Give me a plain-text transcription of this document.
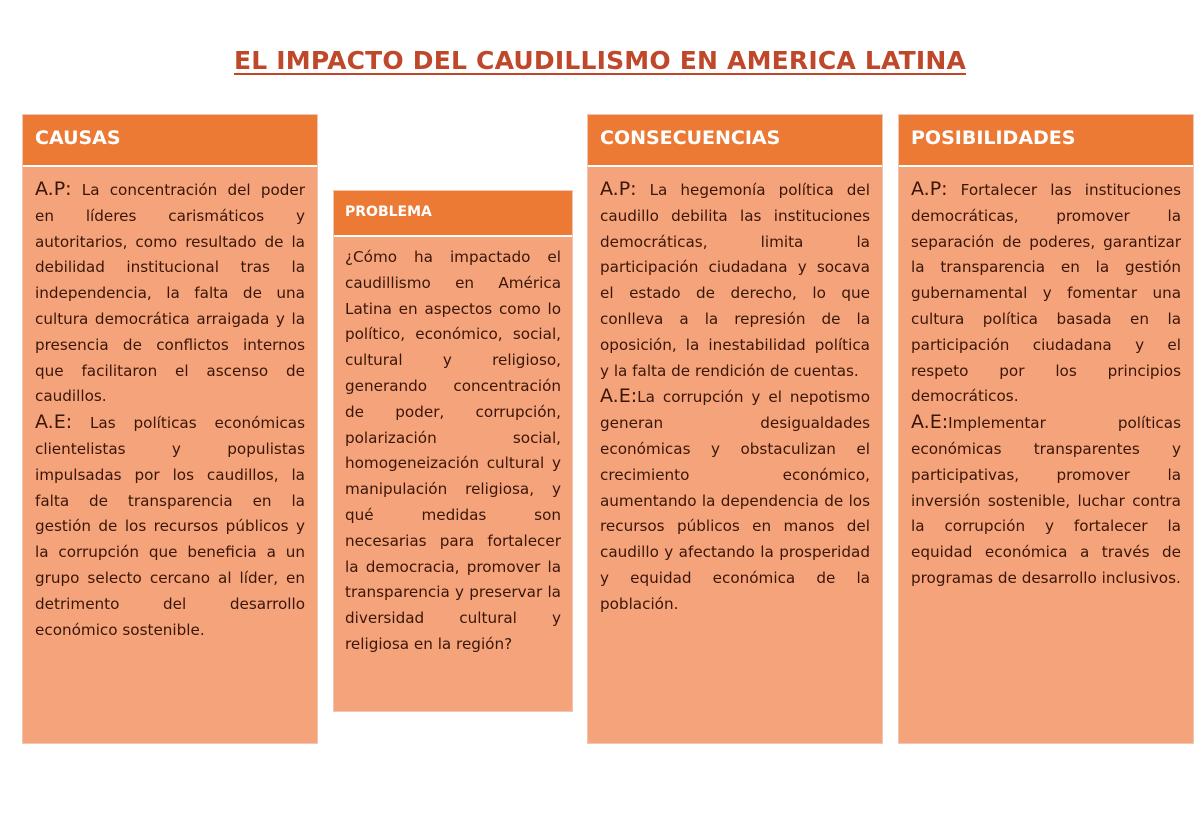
EL IMPACTO DEL CAUDILLISMO EN AMERICA LATINA
CAUSAS

A.P: La concentración del poder en líderes carismáticos y autoritarios, como resultado de la debilidad institucional tras la independencia, la falta de una cultura democrática arraigada y la presencia de conflictos internos que facilitaron el ascenso de caudillos.

A.E: Las políticas económicas clientelistas y populistas impulsadas por los caudillos, la falta de transparencia en la gestión de los recursos públicos y la corrupción que beneficia a un grupo selecto cercano al líder, en detrimento del desarrollo económico sostenible.

PROBLEMA

¿Cómo ha impactado el caudillismo en América Latina en aspectos como lo político, económico, social, cultural y religioso, generando concentración de poder, corrupción, polarización social, homogeneización cultural y manipulación religiosa, y qué medidas son necesarias para fortalecer la democracia, promover la transparencia y preservar la diversidad cultural y religiosa en la región?

CONSECUENCIAS

A.P: La hegemonía política del caudillo debilita las instituciones democráticas, limita la participación ciudadana y socava el estado de derecho, lo que conlleva a la represión de la oposición, la inestabilidad política y la falta de rendición de cuentas.

A.E:La corrupción y el nepotismo generan desigualdades económicas y obstaculizan el crecimiento económico, aumentando la dependencia de los recursos públicos en manos del caudillo y afectando la prosperidad y equidad económica de la población.

POSIBILIDADES

A.P: Fortalecer las instituciones democráticas, promover la separación de poderes, garantizar la transparencia en la gestión gubernamental y fomentar una cultura política basada en la participación ciudadana y el respeto por los principios democráticos.

A.E:Implementar políticas económicas transparentes y participativas, promover la inversión sostenible, luchar contra la corrupción y fortalecer la equidad económica a través de programas de desarrollo inclusivos.
